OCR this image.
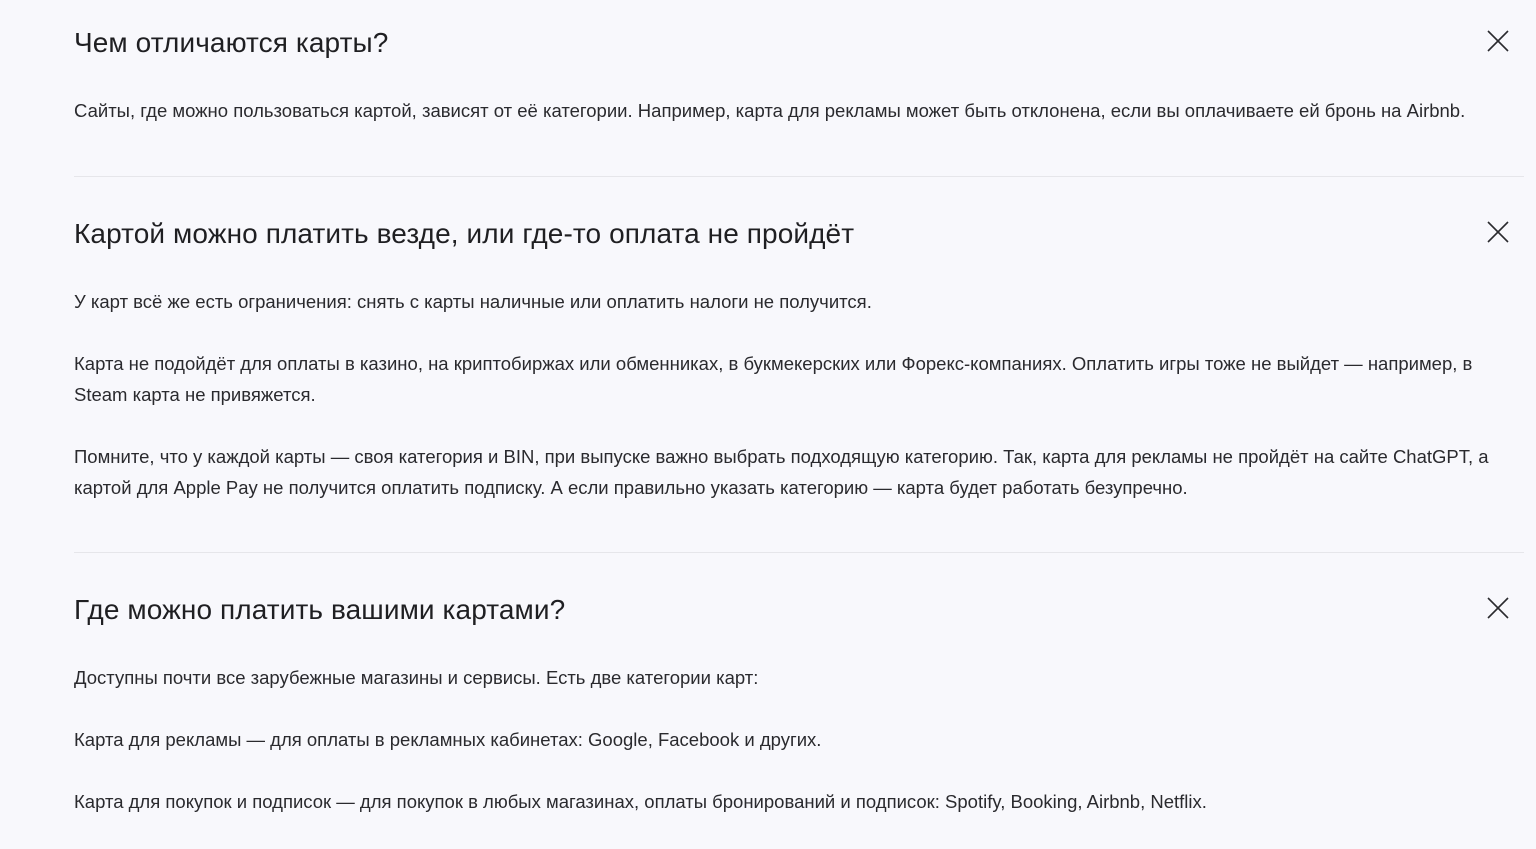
Чем отличаются карты?

Сайты, где можно пользоваться картой, зависят от её категории. Например, карта для рекламы может быть отклонена, если вы оплачиваете ей бронь на Airbnb.

Картой можно платить везде, или где-то оплата не пройдёт

У карт всё же есть ограничения: снять с карты наличные или оплатить налоги не получится.

Карта не подойдёт для оплаты в казино, на криптобиржах или обменниках, в букмекерских или Форекс-компаниях. Оплатить игры тоже не выйдет — например, в Steam карта не привяжется.

Помните, что у каждой карты — своя категория и BIN, при выпуске важно выбрать подходящую категорию. Так, карта для рекламы не пройдёт на сайте ChatGPT, а картой для Apple Pay не получится оплатить подписку. А если правильно указать категорию — карта будет работать безупречно.

Где можно платить вашими картами?

Доступны почти все зарубежные магазины и сервисы. Есть две категории карт:

Карта для рекламы — для оплаты в рекламных кабинетах: Google, Facebook и других.

Карта для покупок и подписок — для покупок в любых магазинах, оплаты бронирований и подписок: Spotify, Booking, Airbnb, Netflix.
